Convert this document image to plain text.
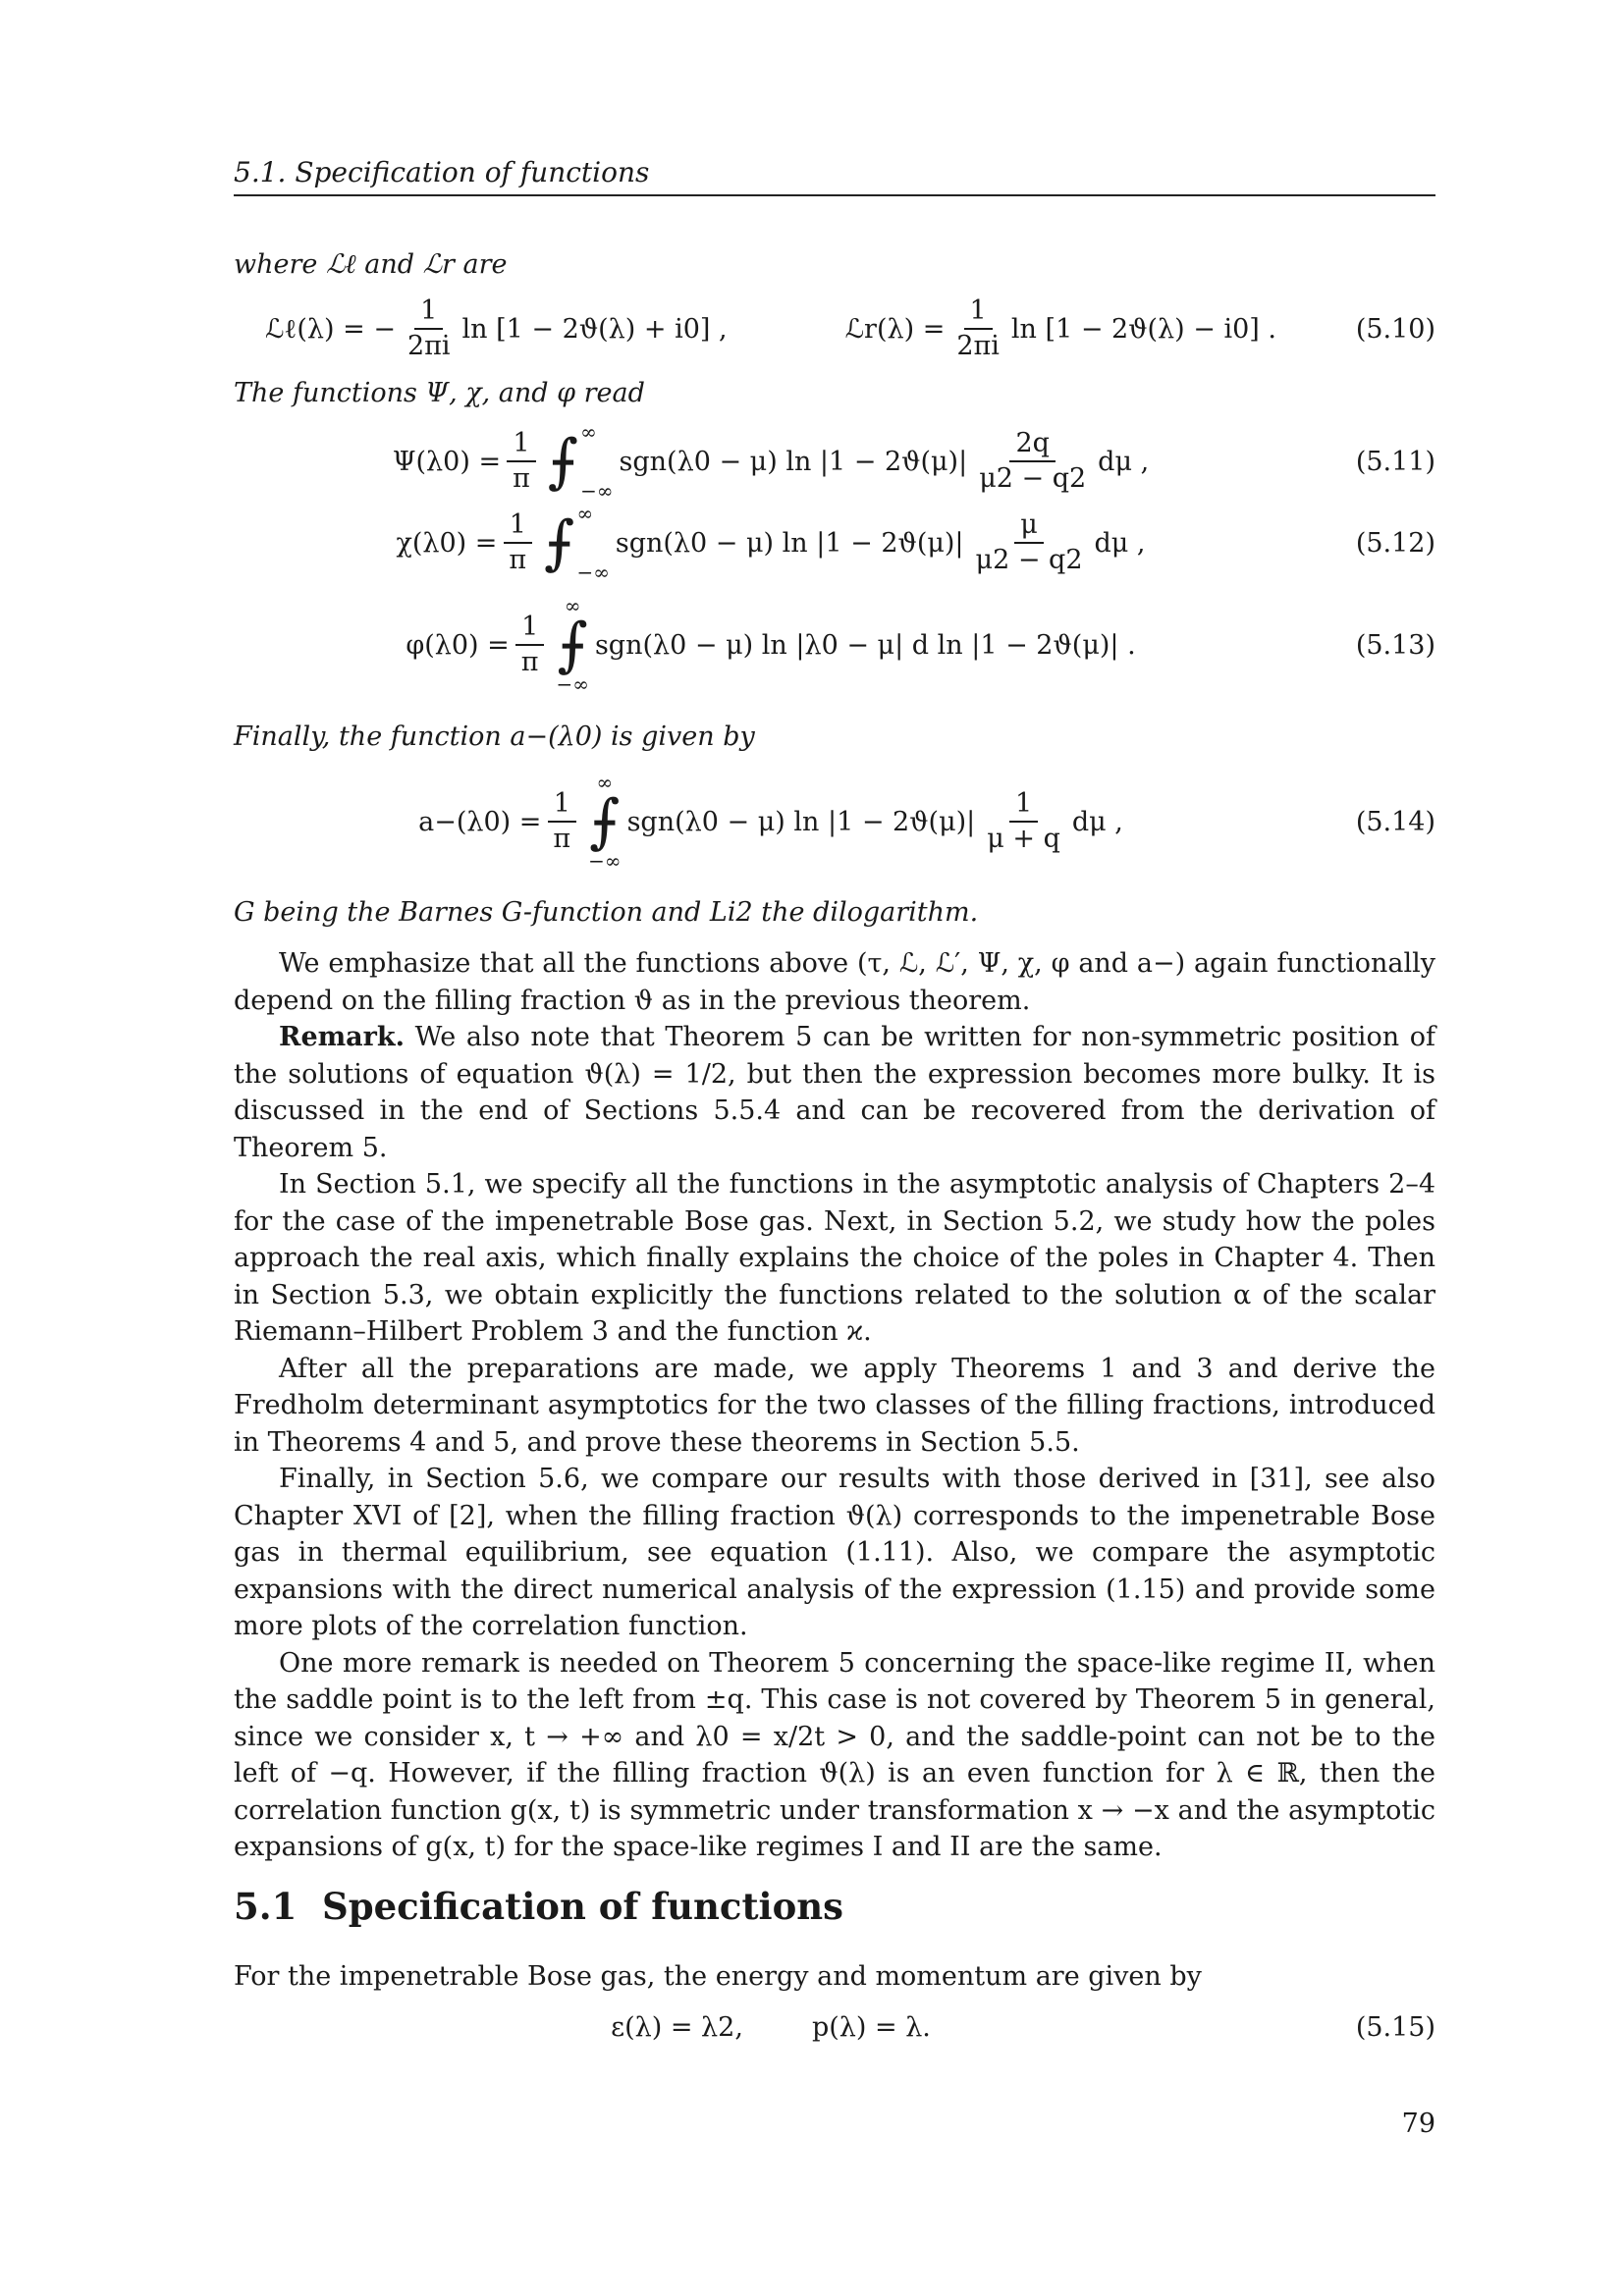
5.1. Specification of functions
where ℒℓ and ℒr are
ℒℓ(λ) = − $\frac{1}{2\pi i}$ ln [1 − 2ϑ(λ) + i0] ,	ℒr(λ) = $\frac{1}{2\pi i}$ ln [1 − 2ϑ(λ) − i0] .	(5.10)
The functions Ψ, χ, and φ read
$\Psi(\lambda 0) = \frac{1}{\pi}$ ⨍ ∞
−∞
sgn(λ0 − μ) $\ln |1 - 2ϑ(\mu)| \frac{2q}{\mu 2 - q2}$ dμ ,	(5.11)
$\chi(\lambda 0) = \frac{1}{\pi}$ ⨍ ∞
−∞
sgn(λ0 − μ) $\ln |1 - 2ϑ(\mu)| \frac{\mu}{\mu 2 - q2}$ dμ ,	(5.12)
$\varphi(\lambda 0) = \frac{1}{\pi}$
∞
⨍
−∞
sgn(λ0 − μ) ln |λ0 − μ| d ln |1 − 2ϑ(μ)| .	(5.13)
Finally, the function a−(λ0) is given by
$a-(\lambda 0) = \frac{1}{\pi}$
∞
⨍
−∞
sgn(λ0 − μ) $\ln |1 - 2ϑ(\mu)| \frac{1}{\mu + q}$ dμ ,	(5.14)
G being the Barnes G-function and Li2 the dilogarithm.

We emphasize that all the functions above (τ, ℒ, ℒ′, Ψ, χ, φ and a−) again functionally depend on the filling fraction ϑ as in the previous theorem.

Remark. We also note that Theorem 5 can be written for non-symmetric position of the solutions of equation ϑ(λ) = 1/2, but then the expression becomes more bulky. It is discussed in the end of Sections 5.5.4 and can be recovered from the derivation of Theorem 5.

In Section 5.1, we specify all the functions in the asymptotic analysis of Chapters 2–4 for the case of the impenetrable Bose gas. Next, in Section 5.2, we study how the poles approach the real axis, which finally explains the choice of the poles in Chapter 4. Then in Section 5.3, we obtain explicitly the functions related to the solution α of the scalar Riemann–Hilbert Problem 3 and the function ϰ.

After all the preparations are made, we apply Theorems 1 and 3 and derive the Fredholm determinant asymptotics for the two classes of the filling fractions, introduced in Theorems 4 and 5, and prove these theorems in Section 5.5.

Finally, in Section 5.6, we compare our results with those derived in [31], see also Chapter XVI of [2], when the filling fraction ϑ(λ) corresponds to the impenetrable Bose gas in thermal equilibrium, see equation (1.11). Also, we compare the asymptotic expansions with the direct numerical analysis of the expression (1.15) and provide some more plots of the correlation function.

One more remark is needed on Theorem 5 concerning the space-like regime II, when the saddle point is to the left from ±q. This case is not covered by Theorem 5 in general, since we consider x, t → +∞ and λ0 = x/2t > 0, and the saddle-point can not be to the left of −q. However, if the filling fraction ϑ(λ) is an even function for λ ∈ ℝ, then the correlation function g(x, t) is symmetric under transformation x → −x and the asymptotic expansions of g(x, t) for the space-like regimes I and II are the same.

5.1 Specification of functions

For the impenetrable Bose gas, the energy and momentum are given by

ε(λ) = λ2,	p(λ) = λ.	(5.15)
79
